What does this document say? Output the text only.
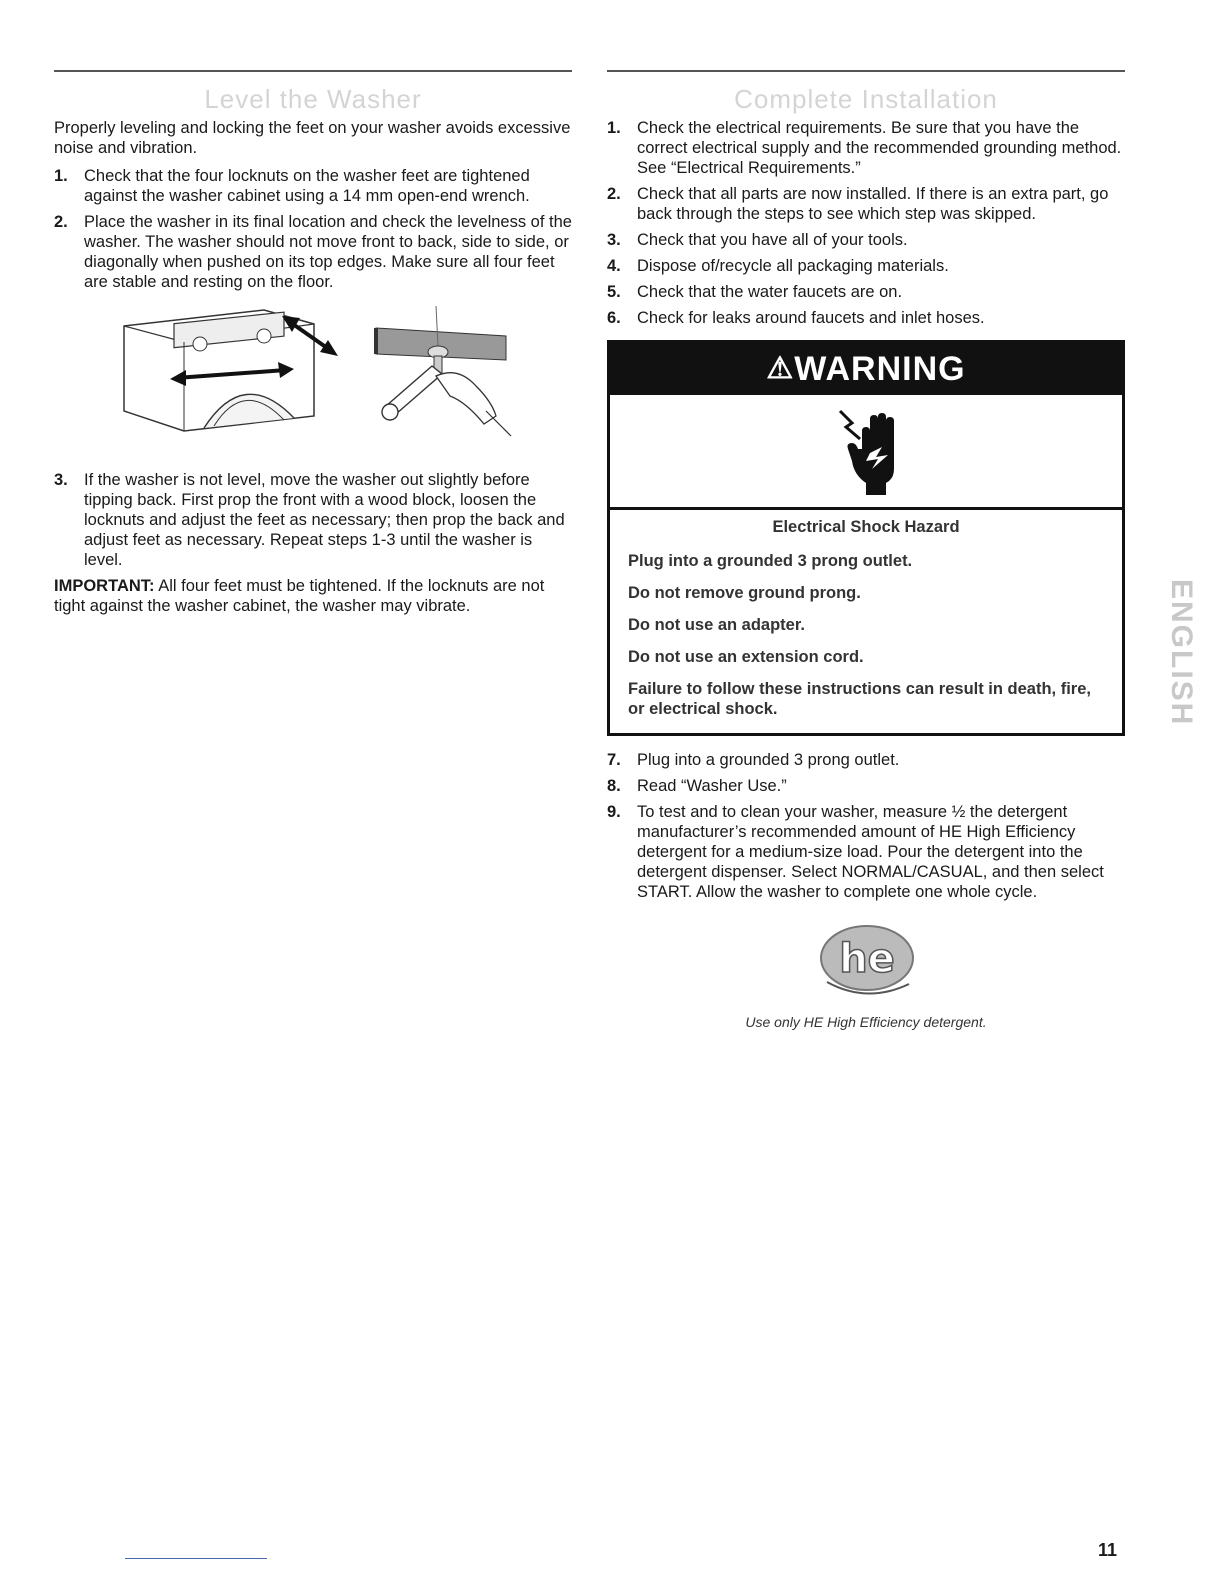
Level the Washer

Properly leveling and locking the feet on your washer avoids excessive noise and vibration.

1. Check that the four locknuts on the washer feet are tightened against the washer cabinet using a 14 mm open-end wrench.
2. Place the washer in its final location and check the levelness of the washer. The washer should not move front to back, side to side, or diagonally when pushed on its top edges. Make sure all four feet are stable and resting on the floor.
3. If the washer is not level, move the washer out slightly before tipping back. First prop the front with a wood block, loosen the locknuts and adjust the feet as necessary; then prop the back and adjust feet as necessary. Repeat steps 1-3 until the washer is level.

IMPORTANT: All four feet must be tightened. If the locknuts are not tight against the washer cabinet, the washer may vibrate.

Complete Installation
1. Check the electrical requirements. Be sure that you have the correct electrical supply and the recommended grounding method. See “Electrical Requirements.”
2. Check that all parts are now installed. If there is an extra part, go back through the steps to see which step was skipped.
3. Check that you have all of your tools.
4. Dispose of/recycle all packaging materials.
5. Check that the water faucets are on.
6. Check for leaks around faucets and inlet hoses.
⚠WARNING
Electrical Shock Hazard
Plug into a grounded 3 prong outlet.
Do not remove ground prong.
Do not use an adapter.
Do not use an extension cord.
Failure to follow these instructions can result in death, fire, or electrical shock.
7. Plug into a grounded 3 prong outlet.
8. Read “Washer Use.”
9. To test and to clean your washer, measure ½ the detergent manufacturer’s recommended amount of HE High Efficiency detergent for a medium-size load. Pour the detergent into the detergent dispenser. Select NORMAL/CASUAL, and then select START. Allow the washer to complete one whole cycle.
he
Use only HE High Efficiency detergent.
ENGLISH
11
